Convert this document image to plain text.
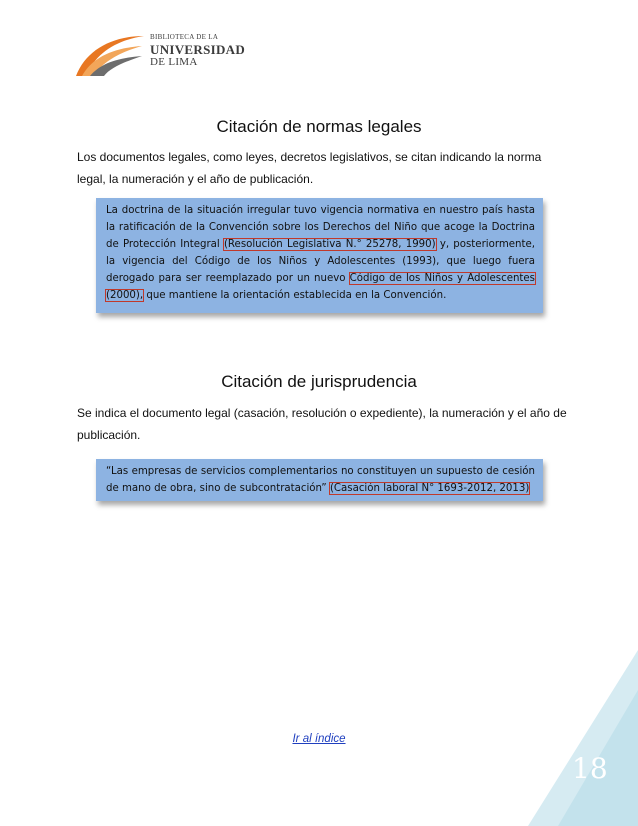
BIBLIOTECA DE LA
UNIVERSIDAD
DE LIMA
Citación de normas legales
Los documentos legales, como leyes, decretos legislativos, se citan indicando la norma legal, la numeración y el año de publicación.
La doctrina de la situación irregular tuvo vigencia normativa en nuestro país hasta la ratificación de la Convención sobre los Derechos del Niño que acoge la Doctrina de Protección Integral (Resolución Legislativa N.° 25278, 1990) y, posteriormente, la vigencia del Código de los Niños y Adolescentes (1993), que luego fuera derogado para ser reemplazado por un nuevo Código de los Niños y Adolescentes (2000), que mantiene la orientación establecida en la Convención.
Citación de jurisprudencia
Se indica el documento legal (casación, resolución o expediente), la numeración y el año de publicación.
“Las empresas de servicios complementarios no constituyen un supuesto de cesión de mano de obra, sino de subcontratación” (Casación laboral N° 1693-2012, 2013)
Ir al índice
18
